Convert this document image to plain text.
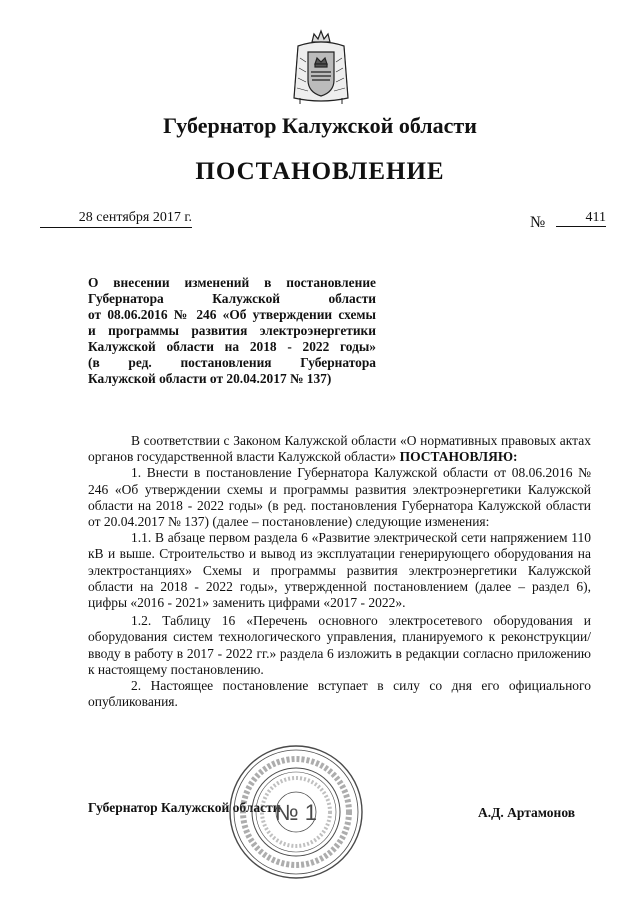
Губернатор Калужской области
ПОСТАНОВЛЕНИЕ
28 сентября 2017 г.	№	411
О внесении изменений в постановление
Губернатора Калужской области
от 08.06.2016 № 246 «Об утверждении схемы
и программы развития электроэнергетики
Калужской области на 2018 - 2022 годы»
(в ред. постановления Губернатора
Калужской области от 20.04.2017 № 137)

В соответствии с Законом Калужской области «О нормативных правовых актах органов государственной власти Калужской области» ПОСТАНОВЛЯЮ:

1. Внести в постановление Губернатора Калужской области от 08.06.2016 № 246 «Об утверждении схемы и программы развития электроэнергетики Калужской области на 2018 - 2022 годы» (в ред. постановления Губернатора Калужской области от 20.04.2017 № 137) (далее – постановление) следующие изменения:

1.1. В абзаце первом раздела 6 «Развитие электрической сети напряжением 110 кВ и выше. Строительство и вывод из эксплуатации генерирующего оборудования на электростанциях» Схемы и программы развития электроэнергетики Калужской области на 2018 - 2022 годы», утвержденной постановлением (далее – раздел 6), цифры «2016 - 2021» заменить цифрами «2017 - 2022».

1.2. Таблицу 16 «Перечень основного электросетевого оборудования и оборудования систем технологического управления, планируемого к реконструкции/вводу в работу в 2017 - 2022 гг.» раздела 6 изложить в редакции согласно приложению к настоящему постановлению.

2. Настоящее постановление вступает в силу со дня его официального опубликования.

Губернатор Калужской области	А.Д. Артамонов
№ 1
